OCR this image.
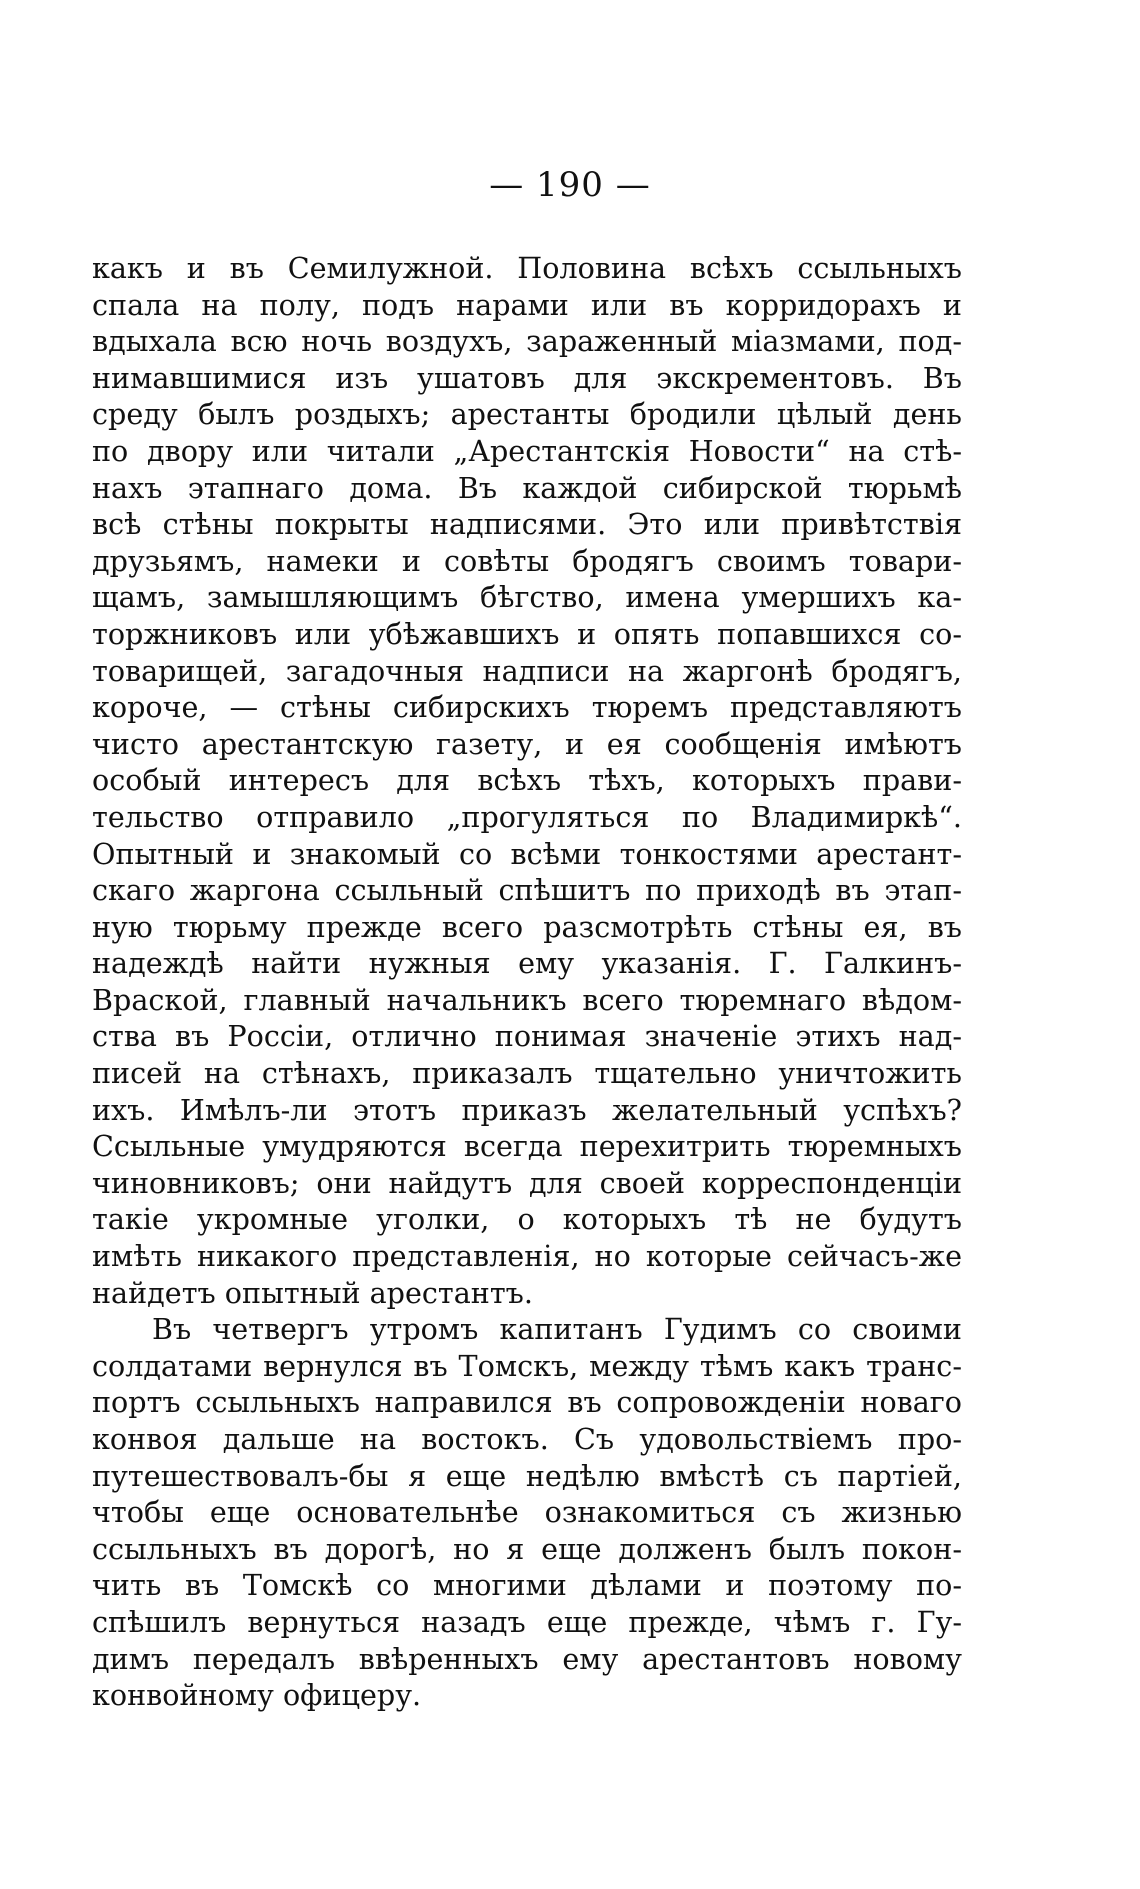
— 190 —
какъ и въ Семилужной. Половина всѣхъ ссыльныхъ
спала на полу, подъ нарами или въ корридорахъ и
вдыхала всю ночь воздухъ, зараженный міазмами, под-
нимавшимися изъ ушатовъ для экскрементовъ. Въ
среду былъ роздыхъ; арестанты бродили цѣлый день
по двору или читали „Арестантскія Новости“ на стѣ-
нахъ этапнаго дома. Въ каждой сибирской тюрьмѣ
всѣ стѣны покрыты надписями. Это или привѣтствія
друзьямъ, намеки и совѣты бродягъ своимъ товари-
щамъ, замышляющимъ бѣгство, имена умершихъ ка-
торжниковъ или убѣжавшихъ и опять попавшихся со-
товарищей, загадочныя надписи на жаргонѣ бродягъ,
короче, — стѣны сибирскихъ тюремъ представляютъ
чисто арестантскую газету, и ея сообщенія имѣютъ
особый интересъ для всѣхъ тѣхъ, которыхъ прави-
тельство отправило „прогуляться по Владимиркѣ“.
Опытный и знакомый со всѣми тонкостями арестант-
скаго жаргона ссыльный спѣшитъ по приходѣ въ этап-
ную тюрьму прежде всего разсмотрѣть стѣны ея, въ
надеждѣ найти нужныя ему указанія. Г. Галкинъ-
Враской, главный начальникъ всего тюремнаго вѣдом-
ства въ Россіи, отлично понимая значеніе этихъ над-
писей на стѣнахъ, приказалъ тщательно уничтожить
ихъ. Имѣлъ-ли этотъ приказъ желательный успѣхъ?
Ссыльные умудряются всегда перехитрить тюремныхъ
чиновниковъ; они найдутъ для своей корреспонденціи
такіе укромные уголки, о которыхъ тѣ не будутъ
имѣть никакого представленія, но которые сейчасъ-же
найдетъ опытный арестантъ.
Въ четвергъ утромъ капитанъ Гудимъ со своими
солдатами вернулся въ Томскъ, между тѣмъ какъ транс-
портъ ссыльныхъ направился въ сопровожденіи новаго
конвоя дальше на востокъ. Съ удовольствіемъ про-
путешествовалъ-бы я еще недѣлю вмѣстѣ съ партіей,
чтобы еще основательнѣе ознакомиться съ жизнью
ссыльныхъ въ дорогѣ, но я еще долженъ былъ покон-
чить въ Томскѣ со многими дѣлами и поэтому по-
спѣшилъ вернуться назадъ еще прежде, чѣмъ г. Гу-
димъ передалъ ввѣренныхъ ему арестантовъ новому
конвойному офицеру.
